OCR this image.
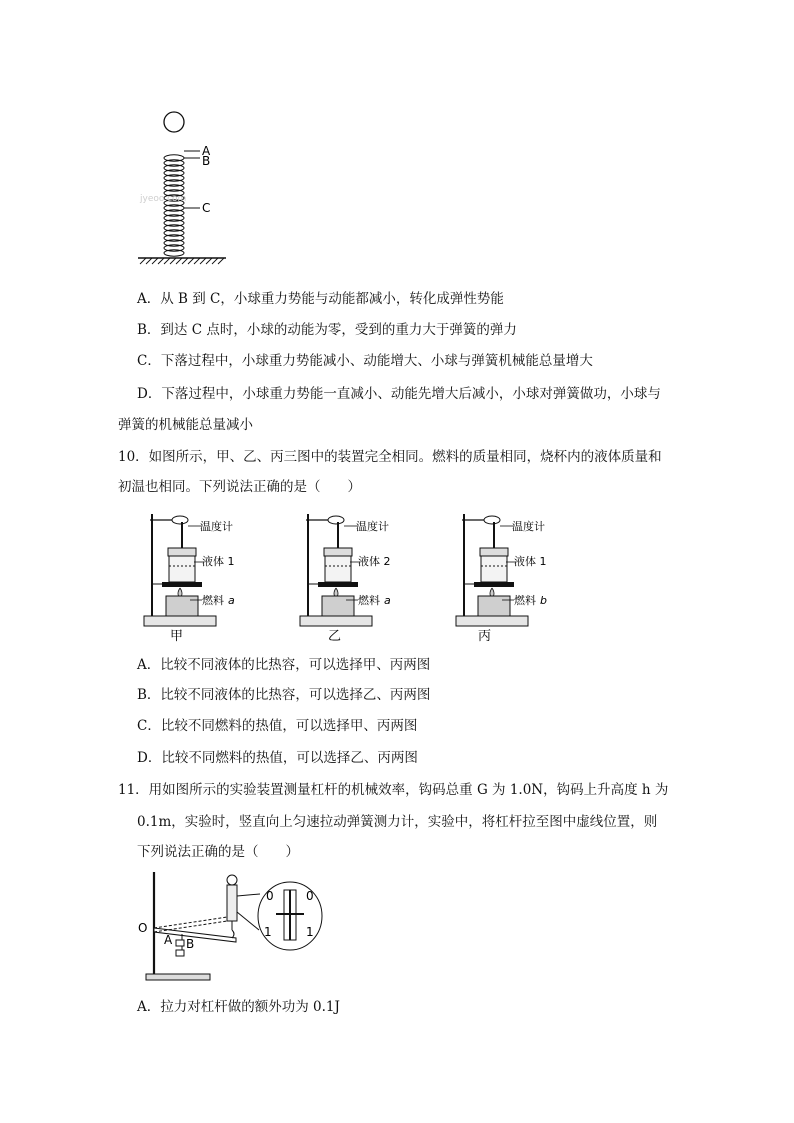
A
B
C
jyeoo.com
A．从 B 到 C，小球重力势能与动能都减小，转化成弹性势能
B．到达 C 点时，小球的动能为零，受到的重力大于弹簧的弹力
C．下落过程中，小球重力势能减小、动能增大、小球与弹簧机械能总量增大
D．下落过程中，小球重力势能一直减小、动能先增大后减小，小球对弹簧做功，小球与
弹簧的机械能总量减小
10．如图所示，甲、乙、丙三图中的装置完全相同。燃料的质量相同，烧杯内的液体质量和
初温也相同。下列说法正确的是（　　）
温度计
液体 1
燃料 a
甲
温度计
液体 2
燃料 a
乙
温度计
液体 1
燃料 b
丙
A．比较不同液体的比热容，可以选择甲、丙两图
B．比较不同液体的比热容，可以选择乙、丙两图
C．比较不同燃料的热值，可以选择甲、丙两图
D．比较不同燃料的热值，可以选择乙、丙两图
11．用如图所示的实验装置测量杠杆的机械效率，钩码总重 G 为 1.0N，钩码上升高度 h 为
0.1m，实验时，竖直向上匀速拉动弹簧测力计，实验中，将杠杆拉至图中虚线位置，则
下列说法正确的是（　　）
0
1
0
1
O
A B
A．拉力对杠杆做的额外功为 0.1J
